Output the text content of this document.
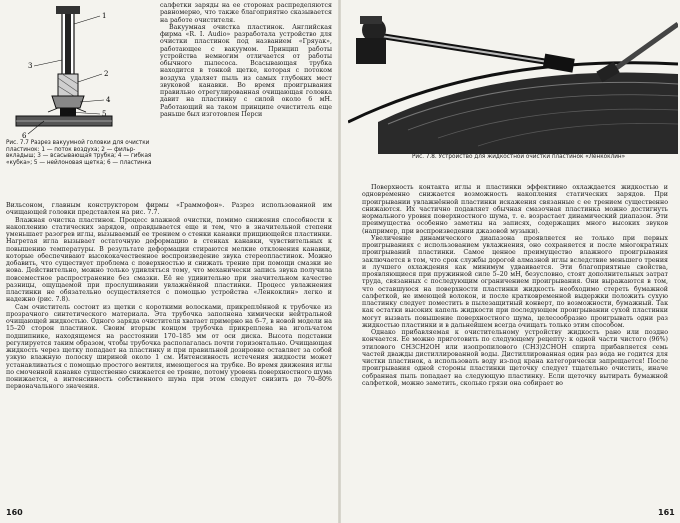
1
2
3
4
5
6
Рис. 7.7 Разрез вакуумной головки для очистки пластинок: 1 — поток воздуха; 2 — фильр-вкладыш; 3 — всасывающая трубка; 4 — гибкая «кубка»; 5 — нейлоновая щетка; 6 — пластинка

салфетки заряды на ее сторонах распределяются равномерно, что также благоприятно сказывается на работе очистителя.

Вакуумная очистка пластинок. Английская фирма «R. I. Audio» разработала устройство для очистки пластинок под названием «Гряуак», работающее с вакуумом. Принцип работы устройства немногим отличается от работы обычного пылесоса. Всасывающая трубка находится в тонкой щетке, которая с потоком воздуха удаляет пыль из самых глубоких мест звуковой канавки. Во время проигрывания правильно отрегулированная очищающая головка давит на пластинку с силой около 6 мН. Работающий на таком принципе очиститель еще раньше был изготовлен Перси

Вильсоном, главным конструктором фирмы «Граммофон». Разрез использованной им очищающей головки представлен на рис. 7.7.

Влажная очистка пластинок. Процесс влажной очистки, помимо снижения способности к накоплению статических зарядов, оправдывается еще и тем, что в значительной степени уменьшает разогрев иглы, вызываемый ее трением о стенки канавки прищиющейся пластинки. Нагретая игла вызывает остаточную деформацию в стенках канавки, чувствительных к повышению температуры. В результате деформации стираются мелкие отклонения канавки, которые обеспечивают высококачественное воспроизведение звука стереопластинок. Можно добавить, что существует проблема с поверхностью и снижать трение при помощи смазки не нова. Действительно, можно только удивляться тому, что механически запись звука получила повсеместное распространение без смазки. Её не удивительно при значительном качестве разницы, ощущаемой при прослушивании увлажнённой пластинки. Процесс увлажнения пластинки не обязательно осуществляется с помощью устройства «Ленкоклин» легко и надежно (рис. 7.8).

Сам очиститель состоит из щетки с короткими волосками, прикреплённой к трубочке из прозрачного синтетического материала. Эта трубочка заполнена химически нейтральной очищающей жидкостью. Одного заряда очистителя хватает примерно на 6–7, в новой модели на 15–20 сторон пластинок. Своим вторым концом трубочка прикреплена на игольчатом подшипнике, находящемся на расстоянии 170–185 мм от оси диска. Высота подставки регулируется таким образом, чтобы трубочка располагалась почти горизонтально. Очищающая жидкость через щетку попадает на пластинку и при правильной дозировке оставляет за собой узкую влажную полоску шириной около 1 см. Интенсивность истечения жидкости может устанавливаться с помощью простого вентиля, имеющегося на трубке. Во время движения иглы по смоченной канавке существенно снижается ее трение, потому уровень поверхностного шума понижается, а интенсивность собственного шума при этом следует снизить до 70–80% первоначального значения.

160
Рис. 7.8. Устройство для жидкостной очистки пластинок «Ленкоклин»

Поверхность контакта иглы и пластинки эффективно охлаждается жидкостью и одновременно снижается возможность накопления статических зарядов. При проигрывании увлажнённой пластинки искажения связанные с ее трением существенно снижаются. Их частично подавляет обычная смазочная пластинка можно достигнуть нормального уровня поверхностного шума, т. е. возрастает динамический диапазон. Эти преимущества особенно заметны на записях, содержащих много высоких звуков (например, при воспроизведении джазовой музыки).

Увеличение динамического диапазона проявляется не только при первых проигрываниях с использованием увлажнения, оно сохраняется и после многократных проигрываний пластинки. Самое ценное преимущество влажного проигрывания заключается в том, что срок службы дорогой алмазной иглы вследствие меньшего трения и лучшего охлаждения как минимум удваивается. Эти благоприятные свойства, проявляющиеся при пружинной силе 5–20 мН, безусловно, стоят дополнительных затрат труда, связанных с последующим ограничением проигрывания. Они выражаются в том, что оставшуюся на поверхности пластинки жидкость необходимо стереть бумажной салфеткой, не имеющей волокон, и после кратковременной выдержки положить сухую пластинку следует поместить в пылезащитный конверт, по возможности, бумажный. Так как остатки высоких капель жидкости при последующем проигрывании сухой пластинки могут вызвать повышение поверхностного шума, целесообразно проигрывать одни раз жидкостью пластинки и в дальнейшем всегда очищать только этим способом.

Однако прибавляемая к очистительному устройству жидкость рано или поздно кончается. Ее можно приготовить по следующему рецепту: к одной части чистого (96%) этилового CH3CH2OH или изопропилового (CH3)2CHOH спирта прибавляется семь частей дважды дистиллированной воды. Дистиллированная один раз вода не годится для чистки пластинок, а использовать воду из-под крана категорически запрещается! После проигрывания одной стороны пластинки щеточку следует тщательно очистить, иначе собранная пыль попадает на следующую пластинку. Если щеточку вытирать бумажной салфеткой, можно заметить, сколько грязи она собирает во

161
